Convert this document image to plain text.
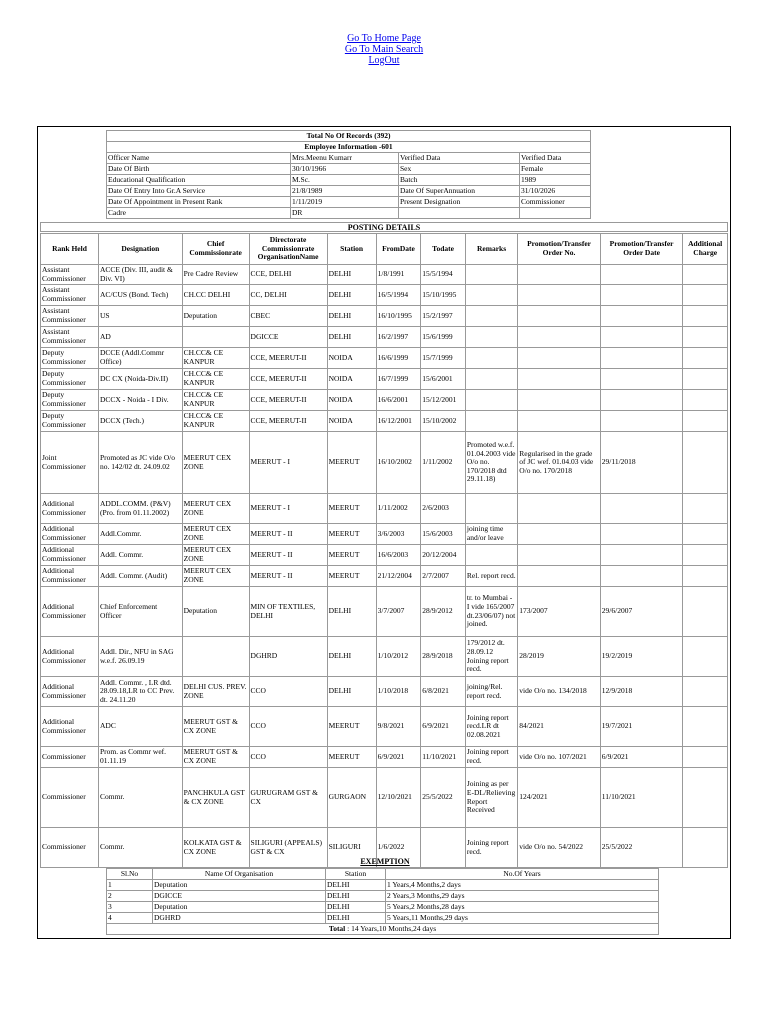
Go To Home Page
Go To Main Search
LogOut
Total No Of Records (392)			
Employee Information -601			
Officer Name	Mrs.Meenu Kumarr	Verified Data	Verified Data
Date Of Birth	30/10/1966	Sex	Female
Educational Qualification	M.Sc.	Batch	1989
Date Of Entry Into Gr.A Service	21/8/1989	Date Of SuperAnnuation	31/10/2026
Date Of Appointment in Present Rank	1/11/2019	Present Designation	Commissioner
Cadre	DR		
POSTING DETAILS
Rank Held	Designation	Chief Commissionrate	Directorate Commissionrate OrganisationName	Station	FromDate	Todate	Remarks	Promotion/Transfer Order No.	Promotion/Transfer Order Date	Additional Charge
Assistant Commissioner	ACCE (Div. III, audit & Div. VI)	Pre Cadre Review	CCE, DELHI	DELHI	1/8/1991	15/5/1994				
Assistant Commissioner	AC/CUS (Bond. Tech)	CH.CC DELHI	CC, DELHI	DELHI	16/5/1994	15/10/1995				
Assistant Commissioner	US	Deputation	CBEC	DELHI	16/10/1995	15/2/1997				
Assistant Commissioner	AD		DGICCE	DELHI	16/2/1997	15/6/1999				
Deputy Commissioner	DCCE (Addl.Commr Office)	CH.CC& CE KANPUR	CCE, MEERUT-II	NOIDA	16/6/1999	15/7/1999				
Deputy Commissioner	DC CX (Noida-Div.II)	CH.CC& CE KANPUR	CCE, MEERUT-II	NOIDA	16/7/1999	15/6/2001				
Deputy Commissioner	DCCX - Noida - I Div.	CH.CC& CE KANPUR	CCE, MEERUT-II	NOIDA	16/6/2001	15/12/2001				
Deputy Commissioner	DCCX (Tech.)	CH.CC& CE KANPUR	CCE, MEERUT-II	NOIDA	16/12/2001	15/10/2002				
Joint Commissioner	Promoted as JC vide O/o no. 142/02 dt. 24.09.02	MEERUT CEX ZONE	MEERUT - I	MEERUT	16/10/2002	1/11/2002	Promoted w.e.f. 01.04.2003 vide O/o no. 170/2018 dtd 29.11.18)	Regularised in the grade of JC wef. 01.04.03 vide O/o no. 170/2018	29/11/2018	
Additional Commissioner	ADDL.COMM. (P&V)(Pro. from 01.11.2002)	MEERUT CEX ZONE	MEERUT - I	MEERUT	1/11/2002	2/6/2003				
Additional Commissioner	Addl.Commr.	MEERUT CEX ZONE	MEERUT - II	MEERUT	3/6/2003	15/6/2003	joining time and/or leave			
Additional Commissioner	Addl. Commr.	MEERUT CEX ZONE	MEERUT - II	MEERUT	16/6/2003	20/12/2004				
Additional Commissioner	Addl. Commr. (Audit)	MEERUT CEX ZONE	MEERUT - II	MEERUT	21/12/2004	2/7/2007	Rel. report recd.			
Additional Commissioner	Chief Enforcement Officer	Deputation	MIN OF TEXTILES, DELHI	DELHI	3/7/2007	28/9/2012	tr. to Mumbai - I vide 165/2007 dt.23/06/07) not joined.	173/2007	29/6/2007	
Additional Commissioner	Addl. Dir., NFU in SAG w.e.f. 26.09.19		DGHRD	DELHI	1/10/2012	28/9/2018	179/2012 dt. 28.09.12 Joining report recd.	28/2019	19/2/2019	
Additional Commissioner	Addl. Commr. , LR dtd. 28.09.18,LR to CC Prev. dt. 24.11.20	DELHI CUS. PREV. ZONE	CCO	DELHI	1/10/2018	6/8/2021	joining/Rel. report recd.	vide O/o no. 134/2018	12/9/2018	
Additional Commissioner	ADC	MEERUT GST & CX ZONE	CCO	MEERUT	9/8/2021	6/9/2021	Joining report recd.LR dt 02.08.2021	84/2021	19/7/2021	
Commissioner	Prom. as Commr wef. 01.11.19	MEERUT GST & CX ZONE	CCO	MEERUT	6/9/2021	11/10/2021	Joining report recd.	vide O/o no. 107/2021	6/9/2021	
Commissioner	Commr.	PANCHKULA GST & CX ZONE	GURUGRAM GST & CX	GURGAON	12/10/2021	25/5/2022	Joining as per E-DL/Relieving Report Received	124/2021	11/10/2021	
Commissioner	Commr.	KOLKATA GST & CX ZONE	SILIGURI (APPEALS) GST & CX	SILIGURI	1/6/2022		Joining report recd.	vide O/o no. 54/2022	25/5/2022	
EXEMPTION
Sl.No	Name Of Organisation	Station	No.Of Years
1	Deputation	DELHI	1 Years,4 Months,2 days
2	DGICCE	DELHI	2 Years,3 Months,29 days
3	Deputation	DELHI	5 Years,2 Months,28 days
4	DGHRD	DELHI	5 Years,11 Months,29 days
Total : 14 Years,10 Months,24 days			
